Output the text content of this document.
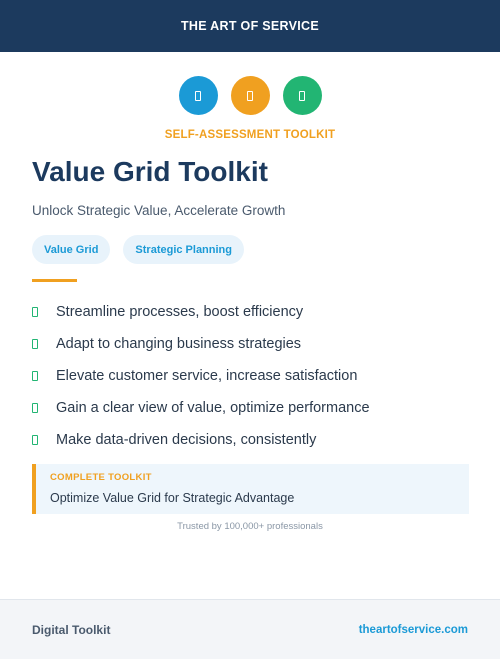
THE ART OF SERVICE
SELF-ASSESSMENT TOOLKIT
Value Grid Toolkit
Unlock Strategic Value, Accelerate Growth
Value Grid	Strategic Planning
Streamline processes, boost efficiency
Adapt to changing business strategies
Elevate customer service, increase satisfaction
Gain a clear view of value, optimize performance
Make data-driven decisions, consistently
COMPLETE TOOLKIT
Optimize Value Grid for Strategic Advantage
Trusted by 100,000+ professionals
Digital Toolkit	theartofservice.com
